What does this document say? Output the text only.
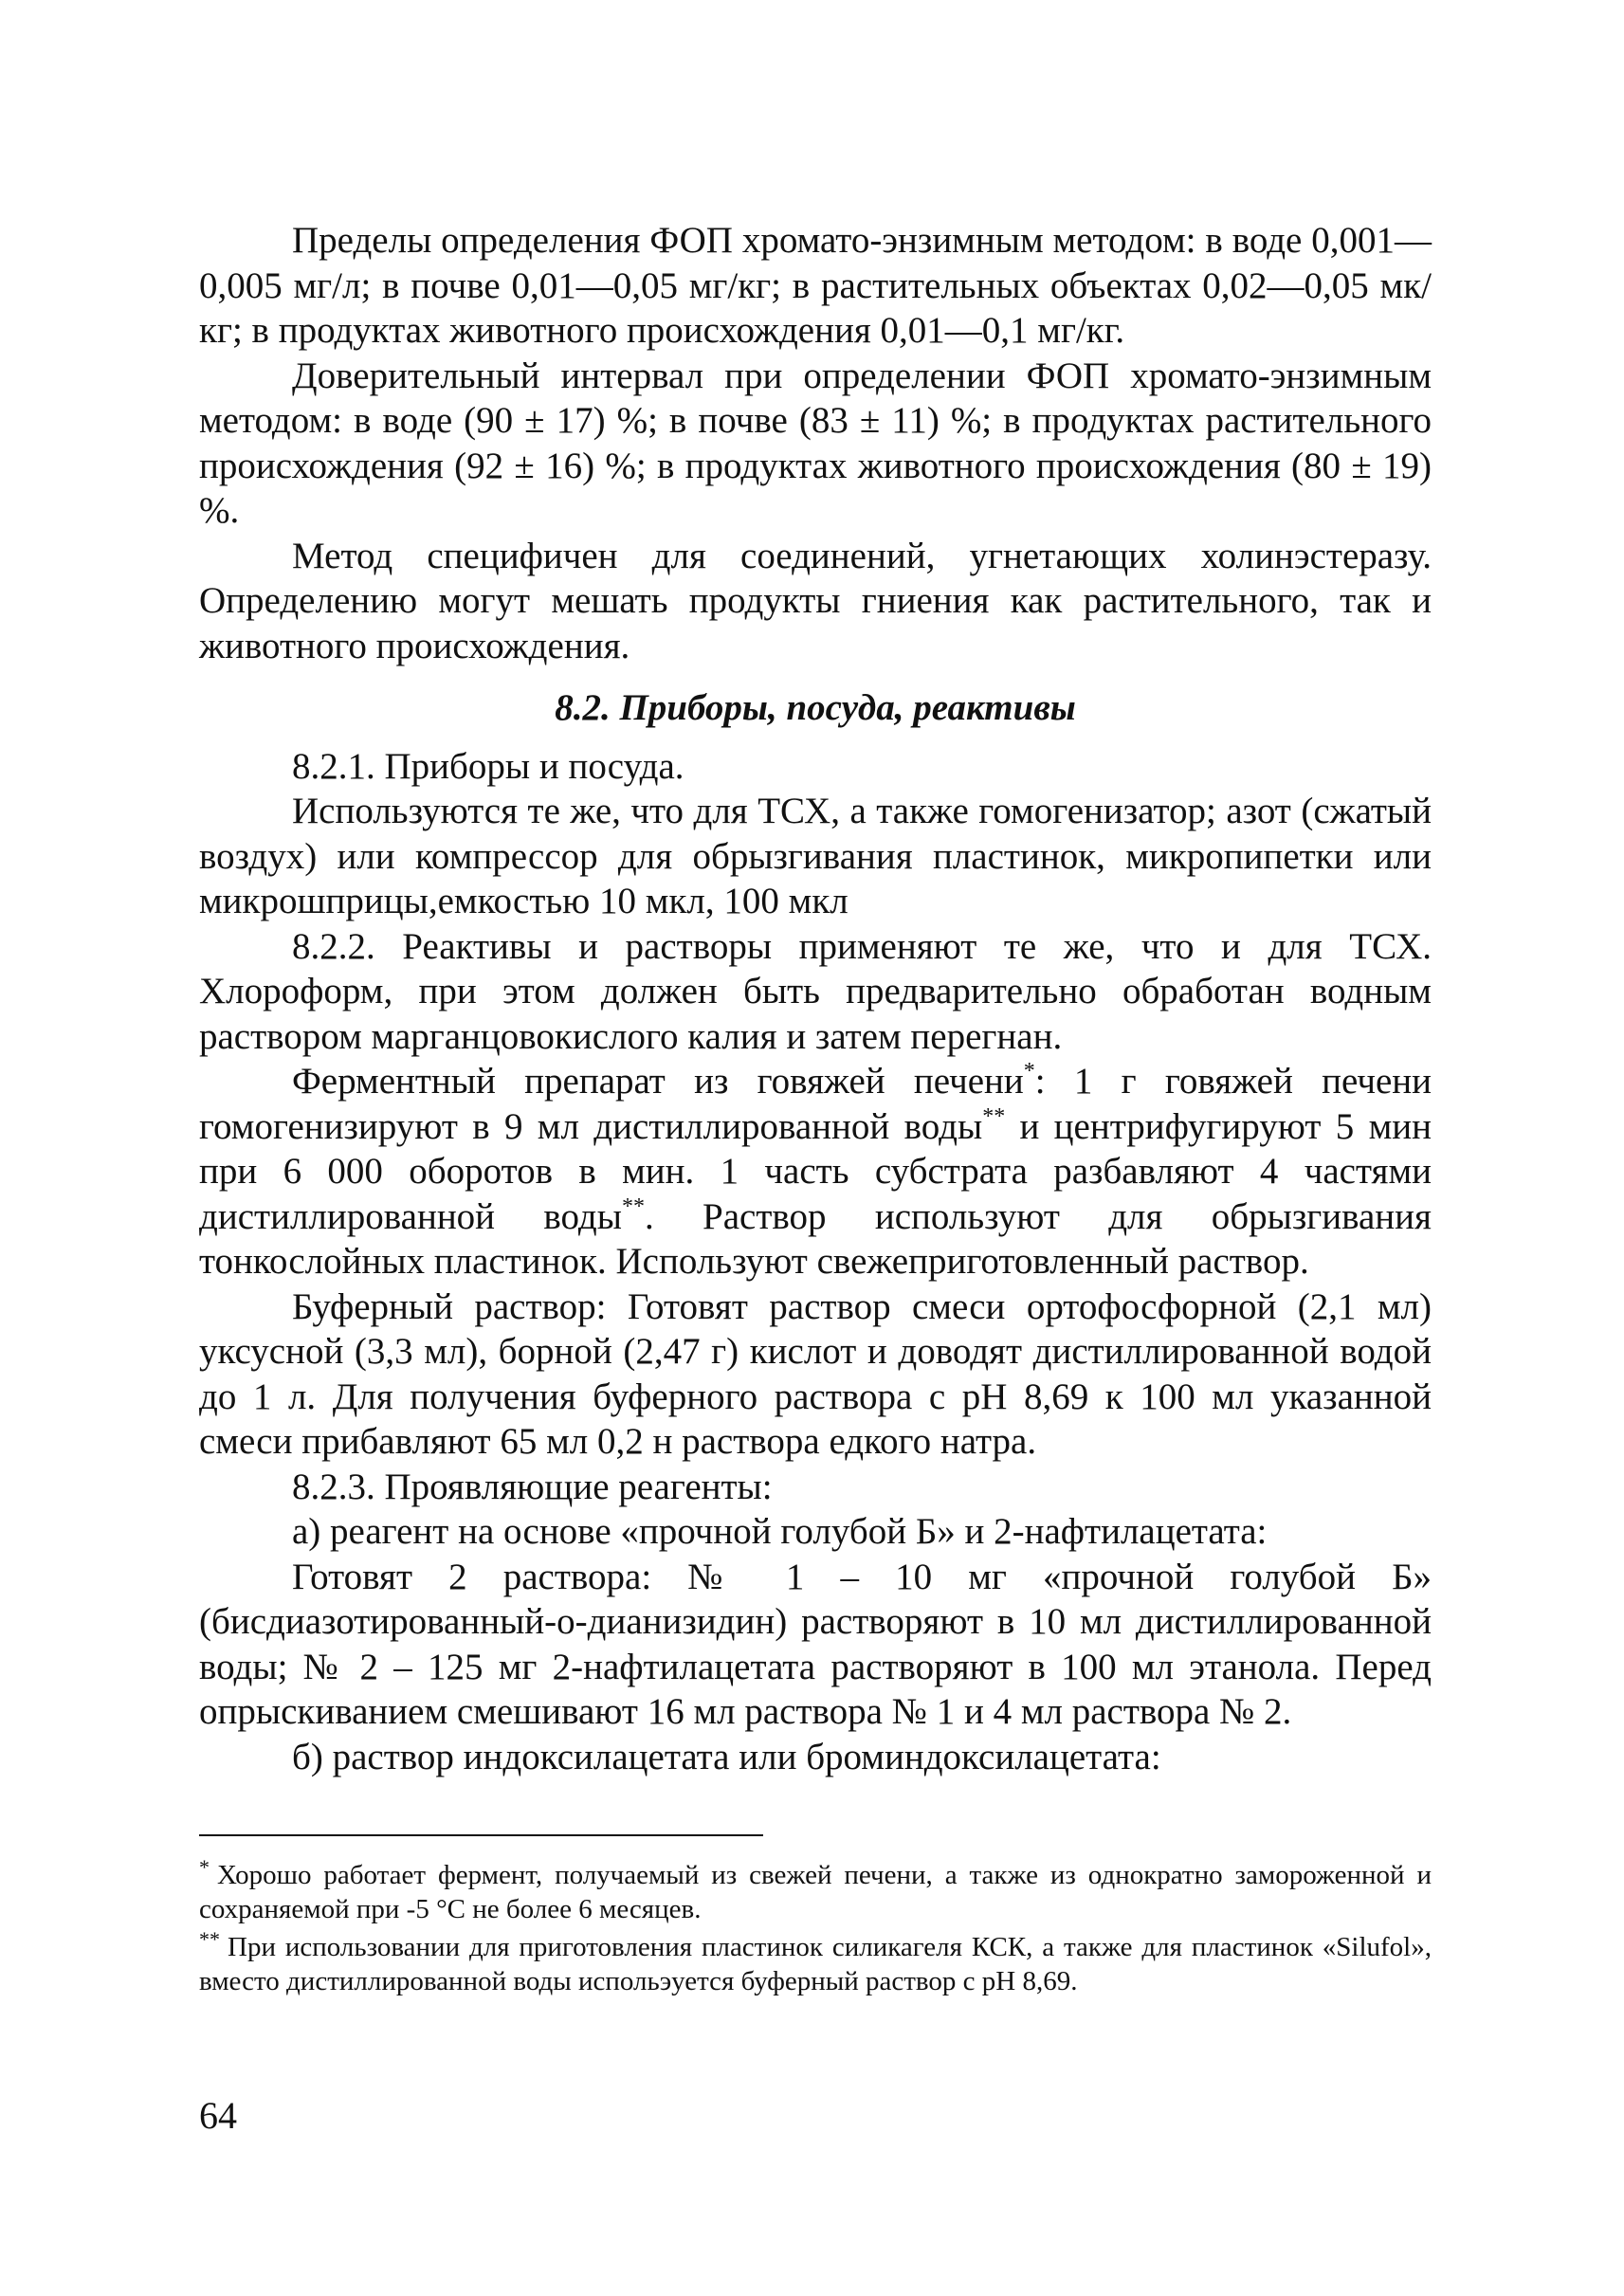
Пределы определения ФОП хромато-энзимным методом: в воде 0,001—0,005 мг/л; в почве 0,01—0,05 мг/кг; в растительных объектах 0,02—0,05 мк/кг; в продуктах животного происхождения 0,01—0,1 мг/кг.

Доверительный интервал при определении ФОП хромато-энзимным методом: в воде (90 ± 17) %; в почве (83 ± 11) %; в продуктах растительного происхождения (92 ± 16) %; в продуктах животного происхождения (80 ± 19) %.

Метод специфичен для соединений, угнетающих холинэстеразу. Определению могут мешать продукты гниения как растительного, так и животного происхождения.

8.2. Приборы, посуда, реактивы

8.2.1. Приборы и посуда.

Используются те же, что для ТСХ, а также гомогенизатор; азот (сжатый воздух) или компрессор для обрызгивания пластинок, микропипетки или микрошприцы,емкостью 10 мкл, 100 мкл

8.2.2. Реактивы и растворы применяют те же, что и для ТСХ. Хлороформ, при этом должен быть предварительно обработан водным раствором марганцовокислого калия и затем перегнан.

Ферментный препарат из говяжей печени*: 1 г говяжей печени гомогенизируют в 9 мл дистиллированной воды** и центрифугируют 5 мин при 6 000 оборотов в мин. 1 часть субстрата разбавляют 4 частями дистиллированной воды**. Раствор используют для обрызгивания тонкослойных пластинок. Используют свежеприготовленный раствор.

Буферный раствор: Готовят раствор смеси ортофосфорной (2,1 мл) уксусной (3,3 мл), борной (2,47 г) кислот и доводят дистиллированной водой до 1 л. Для получения буферного раствора с pH 8,69 к 100 мл указанной смеси прибавляют 65 мл 0,2 н раствора едкого натра.

8.2.3. Проявляющие реагенты:

а) реагент на основе «прочной голубой Б» и 2-нафтилацетата:

Готовят 2 раствора: № 1 – 10 мг «прочной голубой Б» (бисдиазотированный-о-дианизидин) растворяют в 10 мл дистиллированной воды; № 2 – 125 мг 2-нафтилацетата растворяют в 100 мл этанола. Перед опрыскиванием смешивают 16 мл раствора № 1 и 4 мл раствора № 2.

б) раствор индоксилацетата или броминдоксилацетата:

* Хорошо работает фермент, получаемый из свежей печени, а также из однократно замороженной и сохраняемой при -5 °С не более 6 месяцев.

** При использовании для приготовления пластинок силикагеля КСК, а также для пластинок «Silufol», вместо дистиллированной воды испольэуется буферный раствор с pH 8,69.

64
